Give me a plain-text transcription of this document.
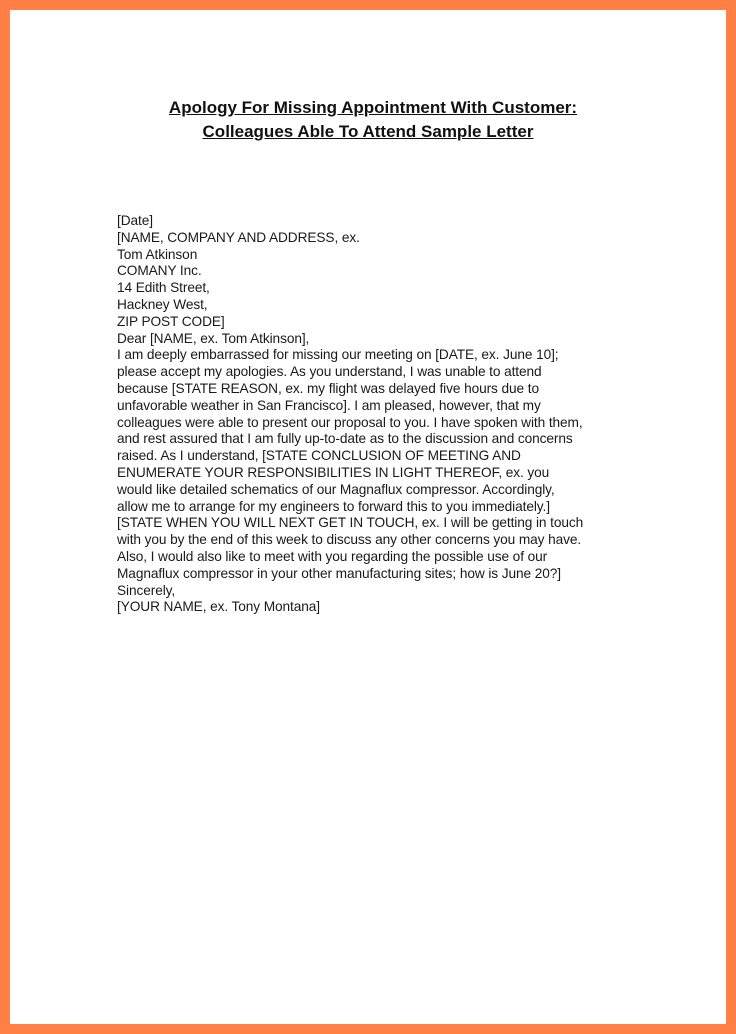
Apology For Missing Appointment With Customer:
Colleagues Able To Attend Sample Letter

[Date]

[NAME, COMPANY AND ADDRESS, ex.
Tom Atkinson
COMANY Inc.
14 Edith Street,
Hackney West,
ZIP POST CODE]

Dear [NAME, ex. Tom Atkinson],

I am deeply embarrassed for missing our meeting on [DATE, ex. June 10];
please accept my apologies. As you understand, I was unable to attend
because [STATE REASON, ex. my flight was delayed five hours due to
unfavorable weather in San Francisco]. I am pleased, however, that my
colleagues were able to present our proposal to you. I have spoken with them,
and rest assured that I am fully up-to-date as to the discussion and concerns
raised. As I understand, [STATE CONCLUSION OF MEETING AND
ENUMERATE YOUR RESPONSIBILITIES IN LIGHT THEREOF, ex. you
would like detailed schematics of our Magnaflux compressor. Accordingly,
allow me to arrange for my engineers to forward this to you immediately.]

[STATE WHEN YOU WILL NEXT GET IN TOUCH, ex. I will be getting in touch
with you by the end of this week to discuss any other concerns you may have.
Also, I would also like to meet with you regarding the possible use of our
Magnaflux compressor in your other manufacturing sites; how is June 20?]

Sincerely,

[YOUR NAME, ex. Tony Montana]
